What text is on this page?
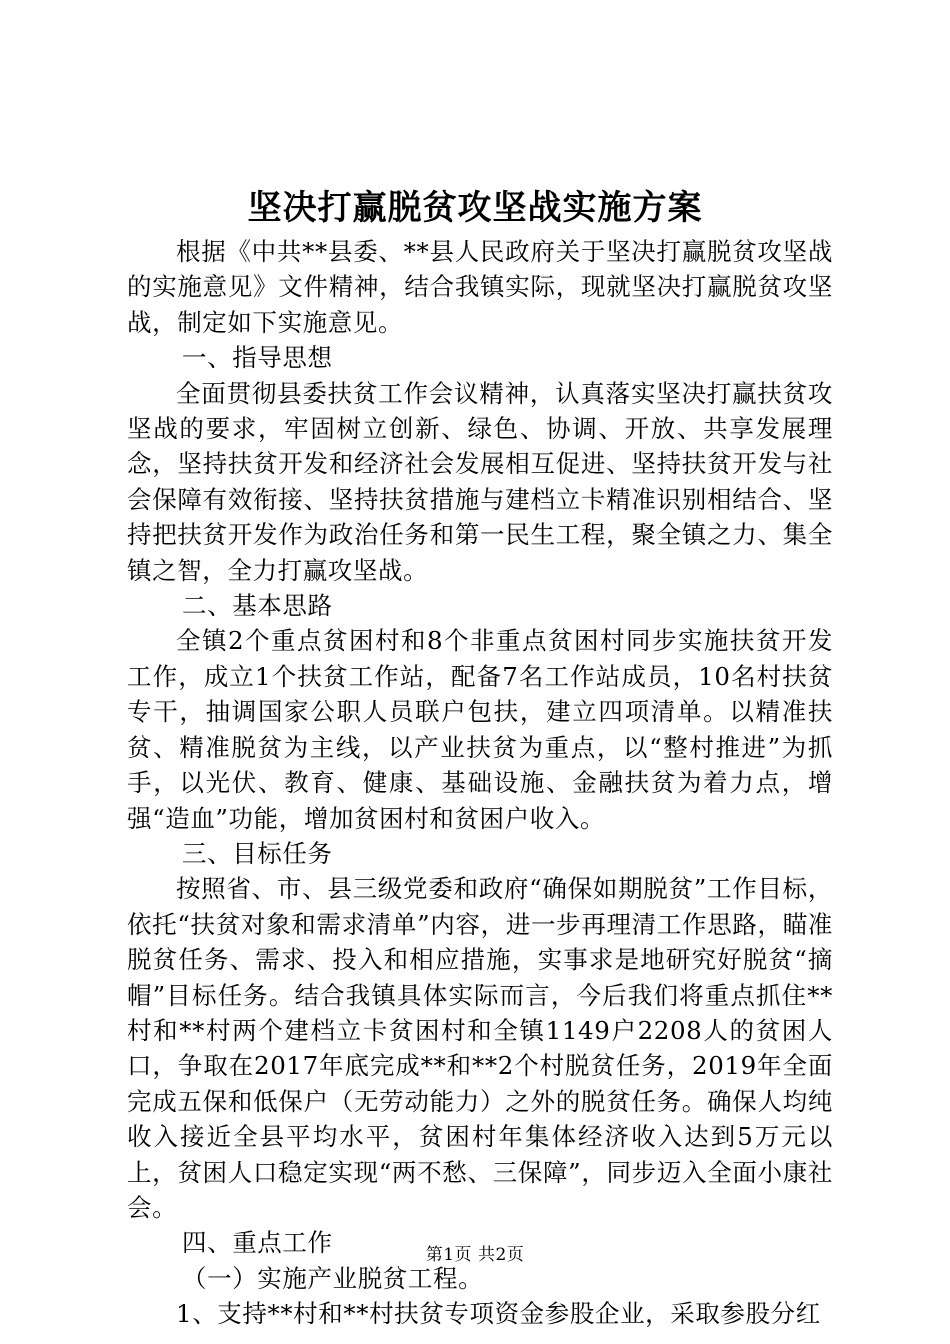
坚决打赢脱贫攻坚战实施方案

根据《中共**县委、**县人民政府关于坚决打赢脱贫攻坚战的实施意见》文件精神，结合我镇实际，现就坚决打赢脱贫攻坚战，制定如下实施意见。

一、指导思想

全面贯彻县委扶贫工作会议精神，认真落实坚决打赢扶贫攻坚战的要求，牢固树立创新、绿色、协调、开放、共享发展理念，坚持扶贫开发和经济社会发展相互促进、坚持扶贫开发与社会保障有效衔接、坚持扶贫措施与建档立卡精准识别相结合、坚持把扶贫开发作为政治任务和第一民生工程，聚全镇之力、集全镇之智，全力打赢攻坚战。

二、基本思路

全镇2个重点贫困村和8个非重点贫困村同步实施扶贫开发工作，成立1个扶贫工作站，配备7名工作站成员，10名村扶贫专干，抽调国家公职人员联户包扶，建立四项清单。以精准扶贫、精准脱贫为主线，以产业扶贫为重点，以“整村推进”为抓手，以光伏、教育、健康、基础设施、金融扶贫为着力点，增强“造血”功能，增加贫困村和贫困户收入。

三、目标任务

按照省、市、县三级党委和政府“确保如期脱贫”工作目标，依托“扶贫对象和需求清单”内容，进一步再理清工作思路，瞄准脱贫任务、需求、投入和相应措施，实事求是地研究好脱贫“摘帽”目标任务。结合我镇具体实际而言，今后我们将重点抓住**村和**村两个建档立卡贫困村和全镇1149户2208人的贫困人口，争取在2017年底完成**和**2个村脱贫任务，2019年全面完成五保和低保户（无劳动能力）之外的脱贫任务。确保人均纯收入接近全县平均水平，贫困村年集体经济收入达到5万元以上，贫困人口稳定实现“两不愁、三保障”，同步迈入全面小康社会。

四、重点工作

（一）实施产业脱贫工程。

1、支持**村和**村扶贫专项资金参股企业，采取参股分红

第1页 共2页
